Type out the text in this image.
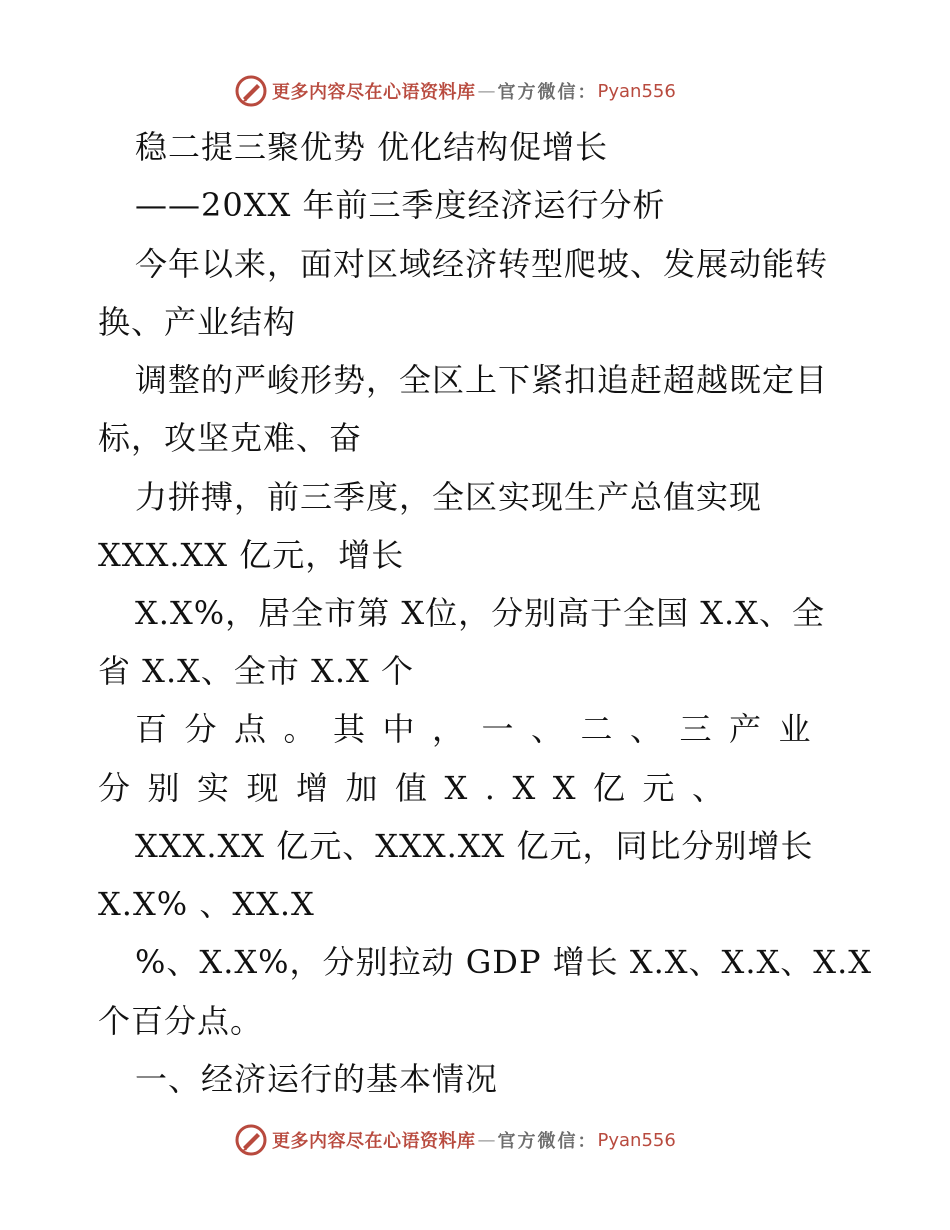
更多内容尽在心语资料库 — 官方微信： Pyan556
稳二提三聚优势 优化结构促增长
——20XX 年前三季度经济运行分析
今年以来，面对区域经济转型爬坡、发展动能转
换、产业结构
调整的严峻形势，全区上下紧扣追赶超越既定目
标，攻坚克难、奋
力拼搏，前三季度，全区实现生产总值实现
XXX.XX 亿元，增长
X.X%，居全市第 X位，分别高于全国 X.X、全
省 X.X、全市 X.X 个
百分点。其中，一、二、三产业
分别实现增加值X.XX亿元、
XXX.XX 亿元、XXX.XX 亿元，同比分别增长
X.X% 、XX.X
%、X.X%，分别拉动 GDP 增长 X.X、X.X、X.X
个百分点。
一、经济运行的基本情况
更多内容尽在心语资料库 — 官方微信： Pyan556
